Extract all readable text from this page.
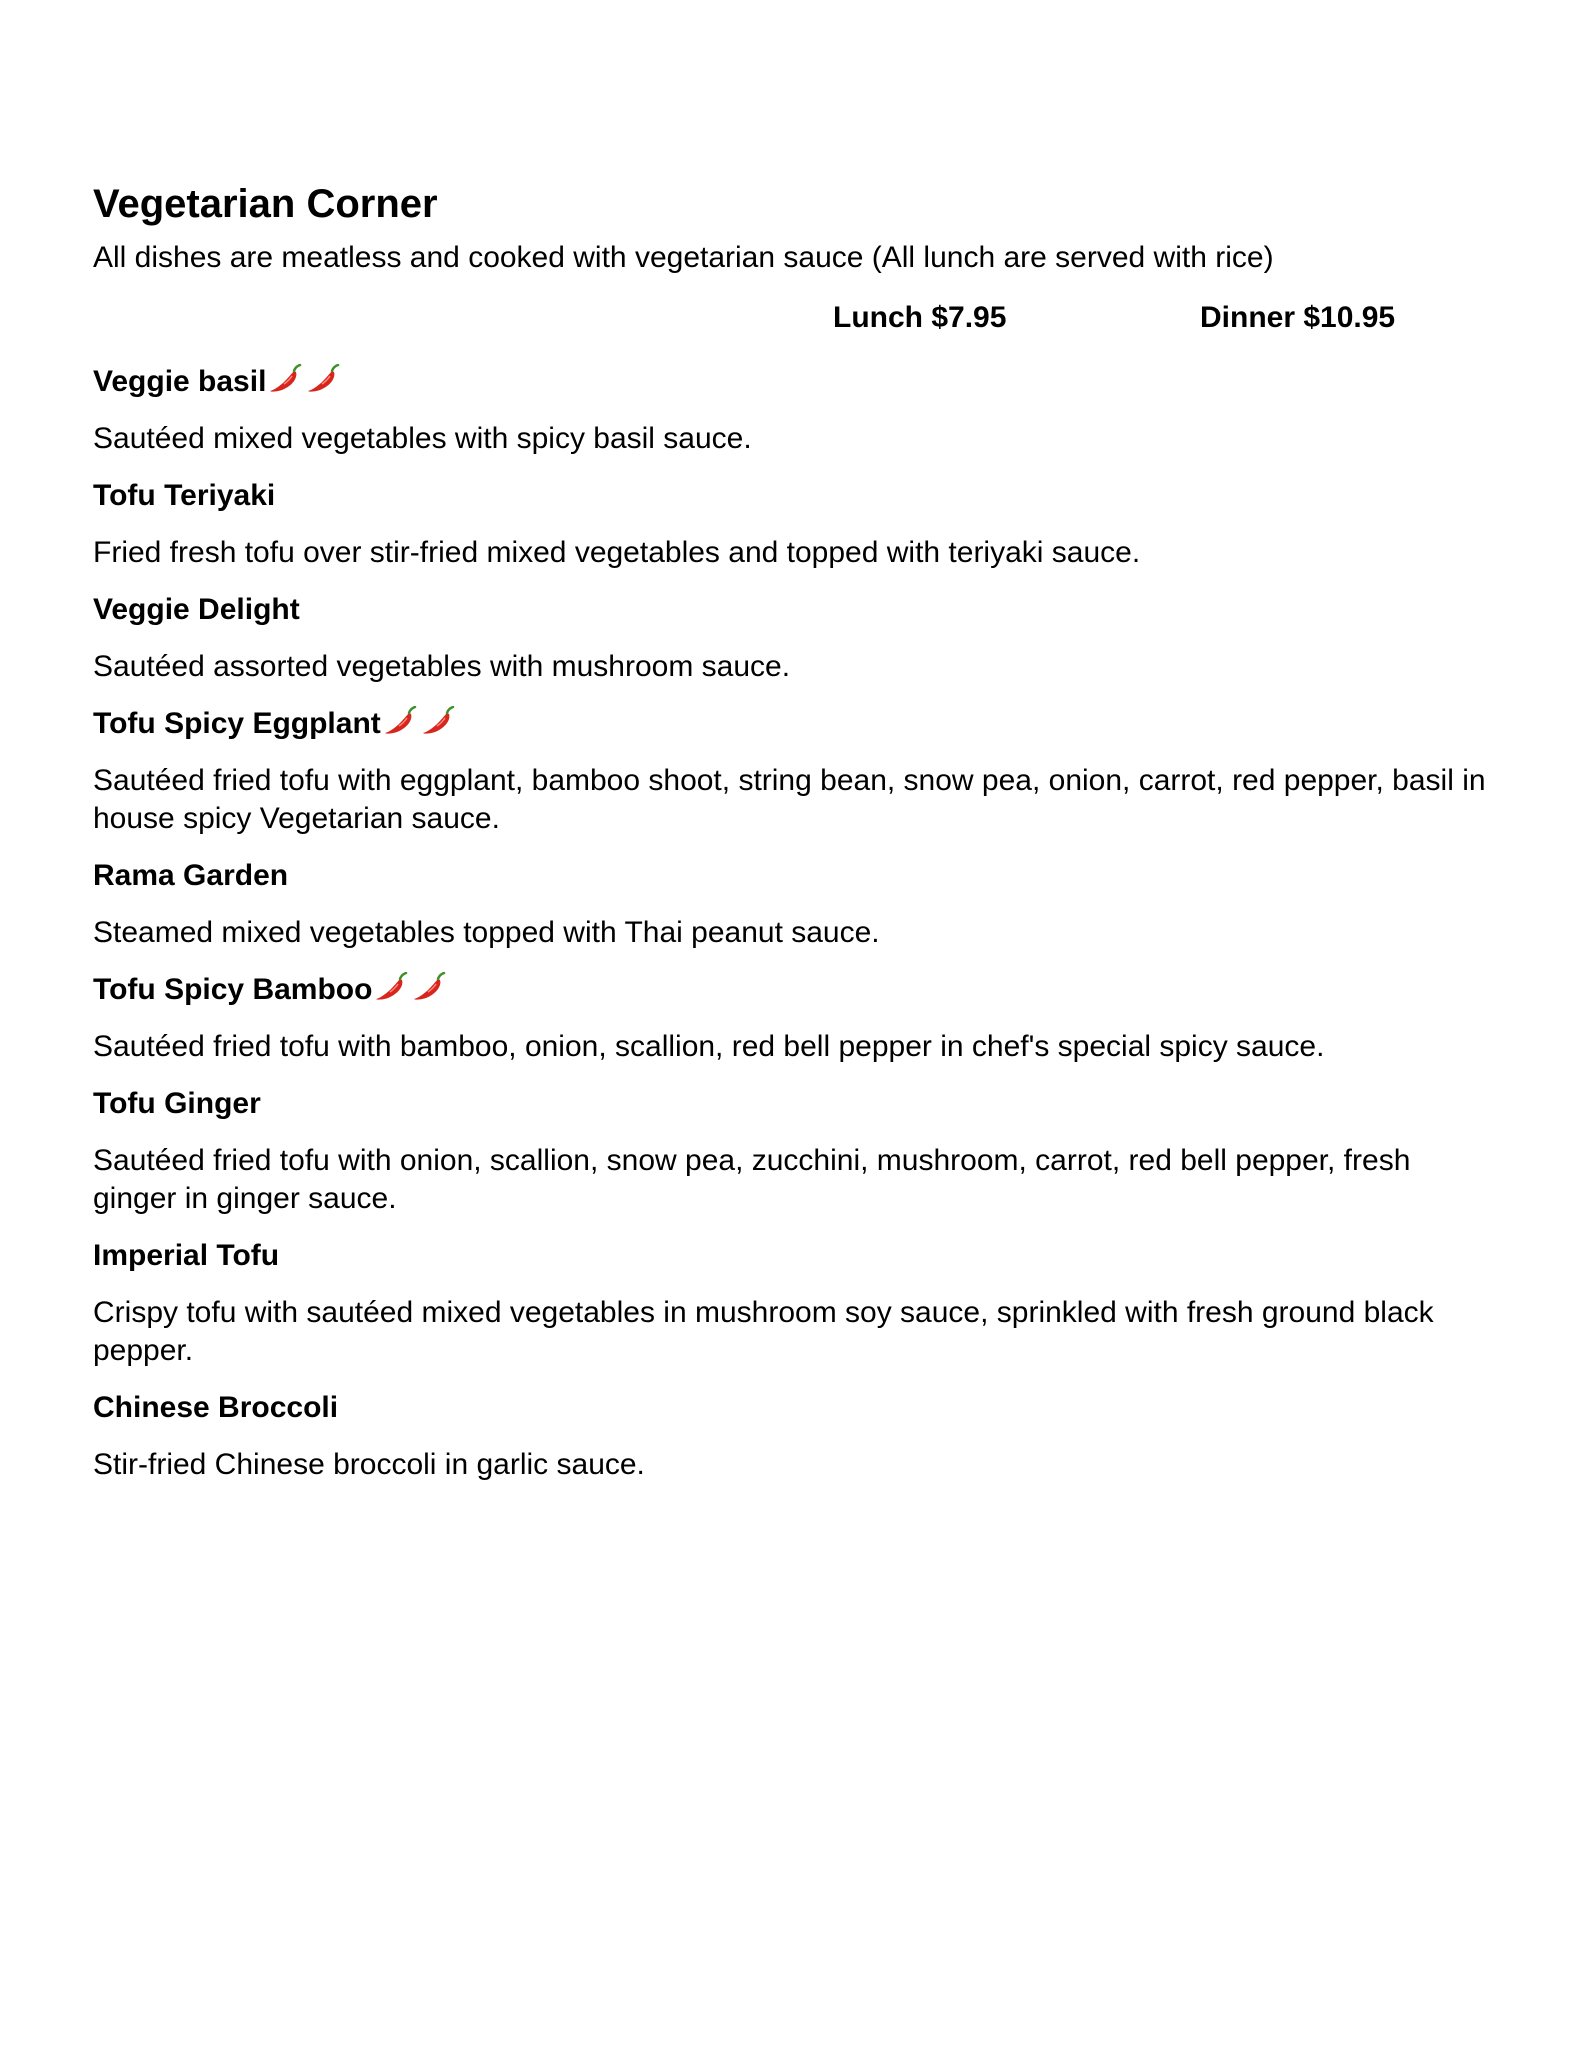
Vegetarian Corner

All dishes are meatless and cooked with vegetarian sauce (All lunch are served with rice)

Lunch $7.95	Dinner $10.95
Veggie basil

Sautéed mixed vegetables with spicy basil sauce.

Tofu Teriyaki

Fried fresh tofu over stir-fried mixed vegetables and topped with teriyaki sauce.

Veggie Delight

Sautéed assorted vegetables with mushroom sauce.

Tofu Spicy Eggplant

Sautéed fried tofu with eggplant, bamboo shoot, string bean, snow pea, onion, carrot, red pepper, basil in house spicy Vegetarian sauce.

Rama Garden

Steamed mixed vegetables topped with Thai peanut sauce.

Tofu Spicy Bamboo

Sautéed fried tofu with bamboo, onion, scallion, red bell pepper in chef's special spicy sauce.

Tofu Ginger

Sautéed fried tofu with onion, scallion, snow pea, zucchini, mushroom, carrot, red bell pepper, fresh ginger in ginger sauce.

Imperial Tofu

Crispy tofu with sautéed mixed vegetables in mushroom soy sauce, sprinkled with fresh ground black pepper.

Chinese Broccoli

Stir-fried Chinese broccoli in garlic sauce.
